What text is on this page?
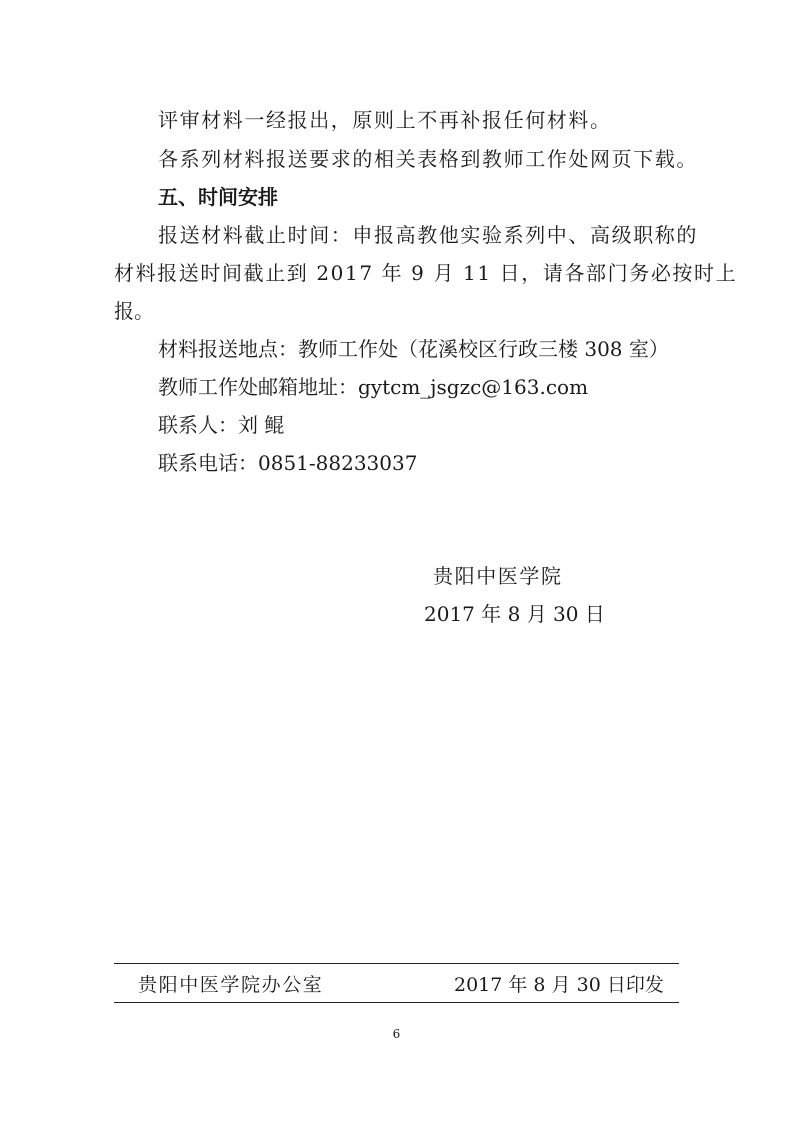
评审材料一经报出，原则上不再补报任何材料。
各系列材料报送要求的相关表格到教师工作处网页下载。
五、时间安排
报送材料截止时间：申报高教他实验系列中、高级职称的
材料报送时间截止到 2017 年 9 月 11 日，请各部门务必按时上
报。
材料报送地点：教师工作处（花溪校区行政三楼 308 室）
教师工作处邮箱地址：gytcm_jsgzc@163.com
联系人：刘 鲲
联系电话：0851-88233037
贵阳中医学院
2017 年 8 月 30 日
贵阳中医学院办公室	2017 年 8 月 30 日印发
6
